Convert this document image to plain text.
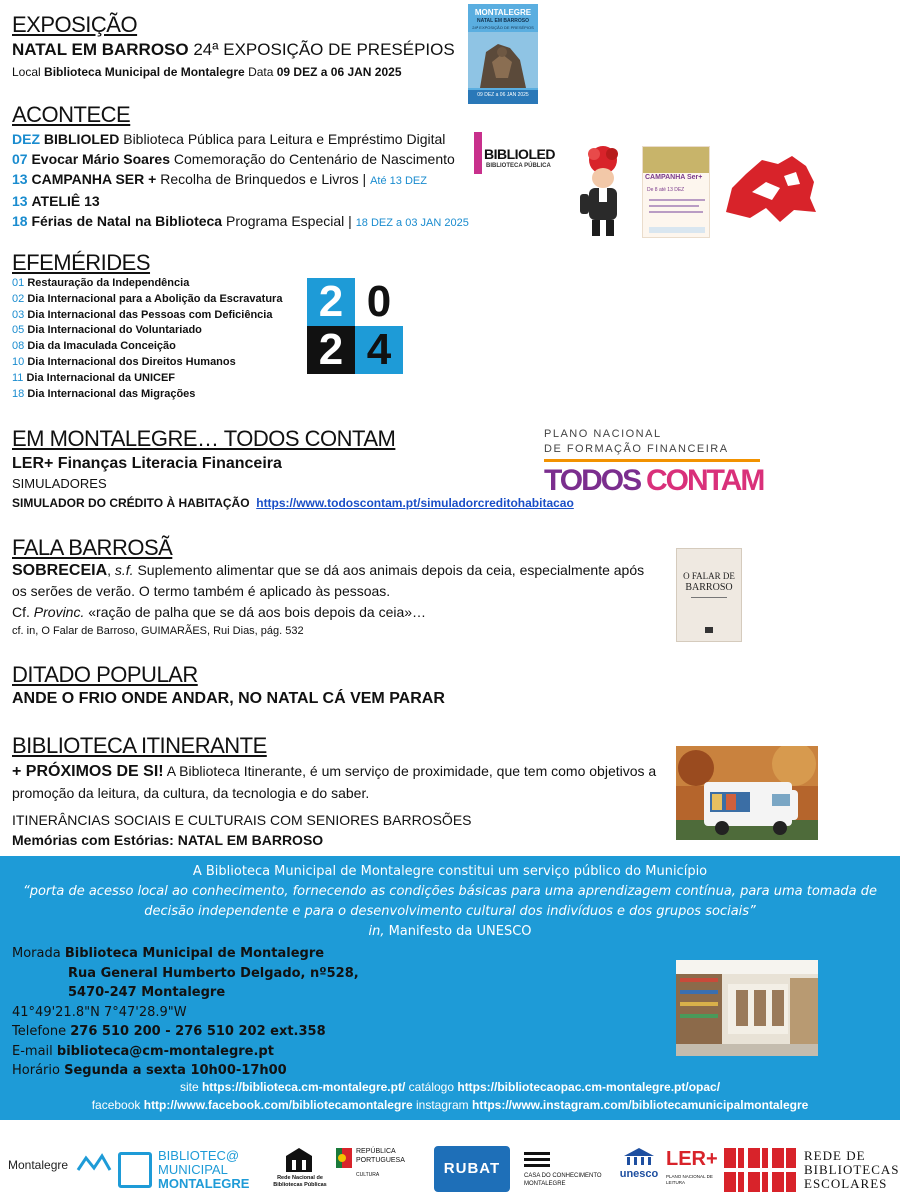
EXPOSIÇÃO
NATAL EM BARROSO 24ª EXPOSIÇÃO DE PRESÉPIOS
Local Biblioteca Municipal de Montalegre Data 09 DEZ a 06 JAN 2025
MONTALEGRE
NATAL EM BARROSO
24ª EXPOSIÇÃO DE PRESÉPIOS
09 DEZ a 06 JAN 2025
ACONTECE
DEZ BIBLIOLED Biblioteca Pública para Leitura e Empréstimo Digital
07 Evocar Mário Soares Comemoração do Centenário de Nascimento
13 CAMPANHA SER + Recolha de Brinquedos e Livros | Até 13 DEZ
13 ATELIÊ 13
18 Férias de Natal na Biblioteca Programa Especial | 18 DEZ a 03 JAN 2025
BIBLIOLED
BIBLIOTECA PÚBLICA
CAMPANHA Ser+
De 8 até 13 DEZ
EFEMÉRIDES
01 Restauração da Independência
02 Dia Internacional para a Abolição da Escravatura
03 Dia Internacional das Pessoas com Deficiência
05 Dia Internacional do Voluntariado
08 Dia da Imaculada Conceição
10 Dia Internacional dos Direitos Humanos
11 Dia Internacional da UNICEF
18 Dia Internacional das Migrações
2 0
2 4
EM MONTALEGRE… TODOS CONTAM
LER+ Finanças Literacia Financeira
SIMULADORES
SIMULADOR DO CRÉDITO À HABITAÇÃO https://www.todoscontam.pt/simuladorcreditohabitacao
PLANO NACIONAL
DE FORMAÇÃO FINANCEIRA
TODOS CONTAM
FALA BARROSÃ
SOBRECEIA, s.f. Suplemento alimentar que se dá aos animais depois da ceia, especialmente após
os serões de verão. O termo também é aplicado às pessoas.
Cf. Provinc. «ração de palha que se dá aos bois depois da ceia»…
cf. in, O Falar de Barroso, GUIMARÃES, Rui Dias, pág. 532
O FALAR DE
BARROSO
DITADO POPULAR
ANDE O FRIO ONDE ANDAR, NO NATAL CÁ VEM PARAR
BIBLIOTECA ITINERANTE
+ PRÓXIMOS DE SI! A Biblioteca Itinerante, é um serviço de proximidade, que tem como objetivos a
promoção da leitura, da cultura, da tecnologia e do saber.
ITINERÂNCIAS SOCIAIS E CULTURAIS COM SENIORES BARROSÕES
Memórias com Estórias: NATAL EM BARROSO
A Biblioteca Municipal de Montalegre constitui um serviço público do Município
“porta de acesso local ao conhecimento, fornecendo as condições básicas para uma aprendizagem contínua, para uma tomada de
decisão independente e para o desenvolvimento cultural dos indivíduos e dos grupos sociais”
in, Manifesto da UNESCO
Morada Biblioteca Municipal de Montalegre
Rua General Humberto Delgado, nº528,
5470-247 Montalegre
41°49'21.8"N 7°47'28.9"W
Telefone 276 510 200 - 276 510 202 ext.358
E-mail biblioteca@cm-montalegre.pt
Horário Segunda a sexta 10h00-17h00
site https://biblioteca.cm-montalegre.pt/ catálogo https://bibliotecaopac.cm-montalegre.pt/opac/
facebook http://www.facebook.com/bibliotecamontalegre instagram https://www.instagram.com/bibliotecamunicipalmontalegre
Montalegre
BIBLIOTEC@
MUNICIPAL
MONTALEGRE	Rede Nacional de
Bibliotecas Públicas
REPÚBLICA
PORTUGUESA
CULTURA	RUBAT	CASA DO CONHECIMENTO
MONTALEGRE
unesco
LER+
PLANO NACIONAL DE LEITURA
REDE DE
BIBLIOTECAS
ESCOLARES
